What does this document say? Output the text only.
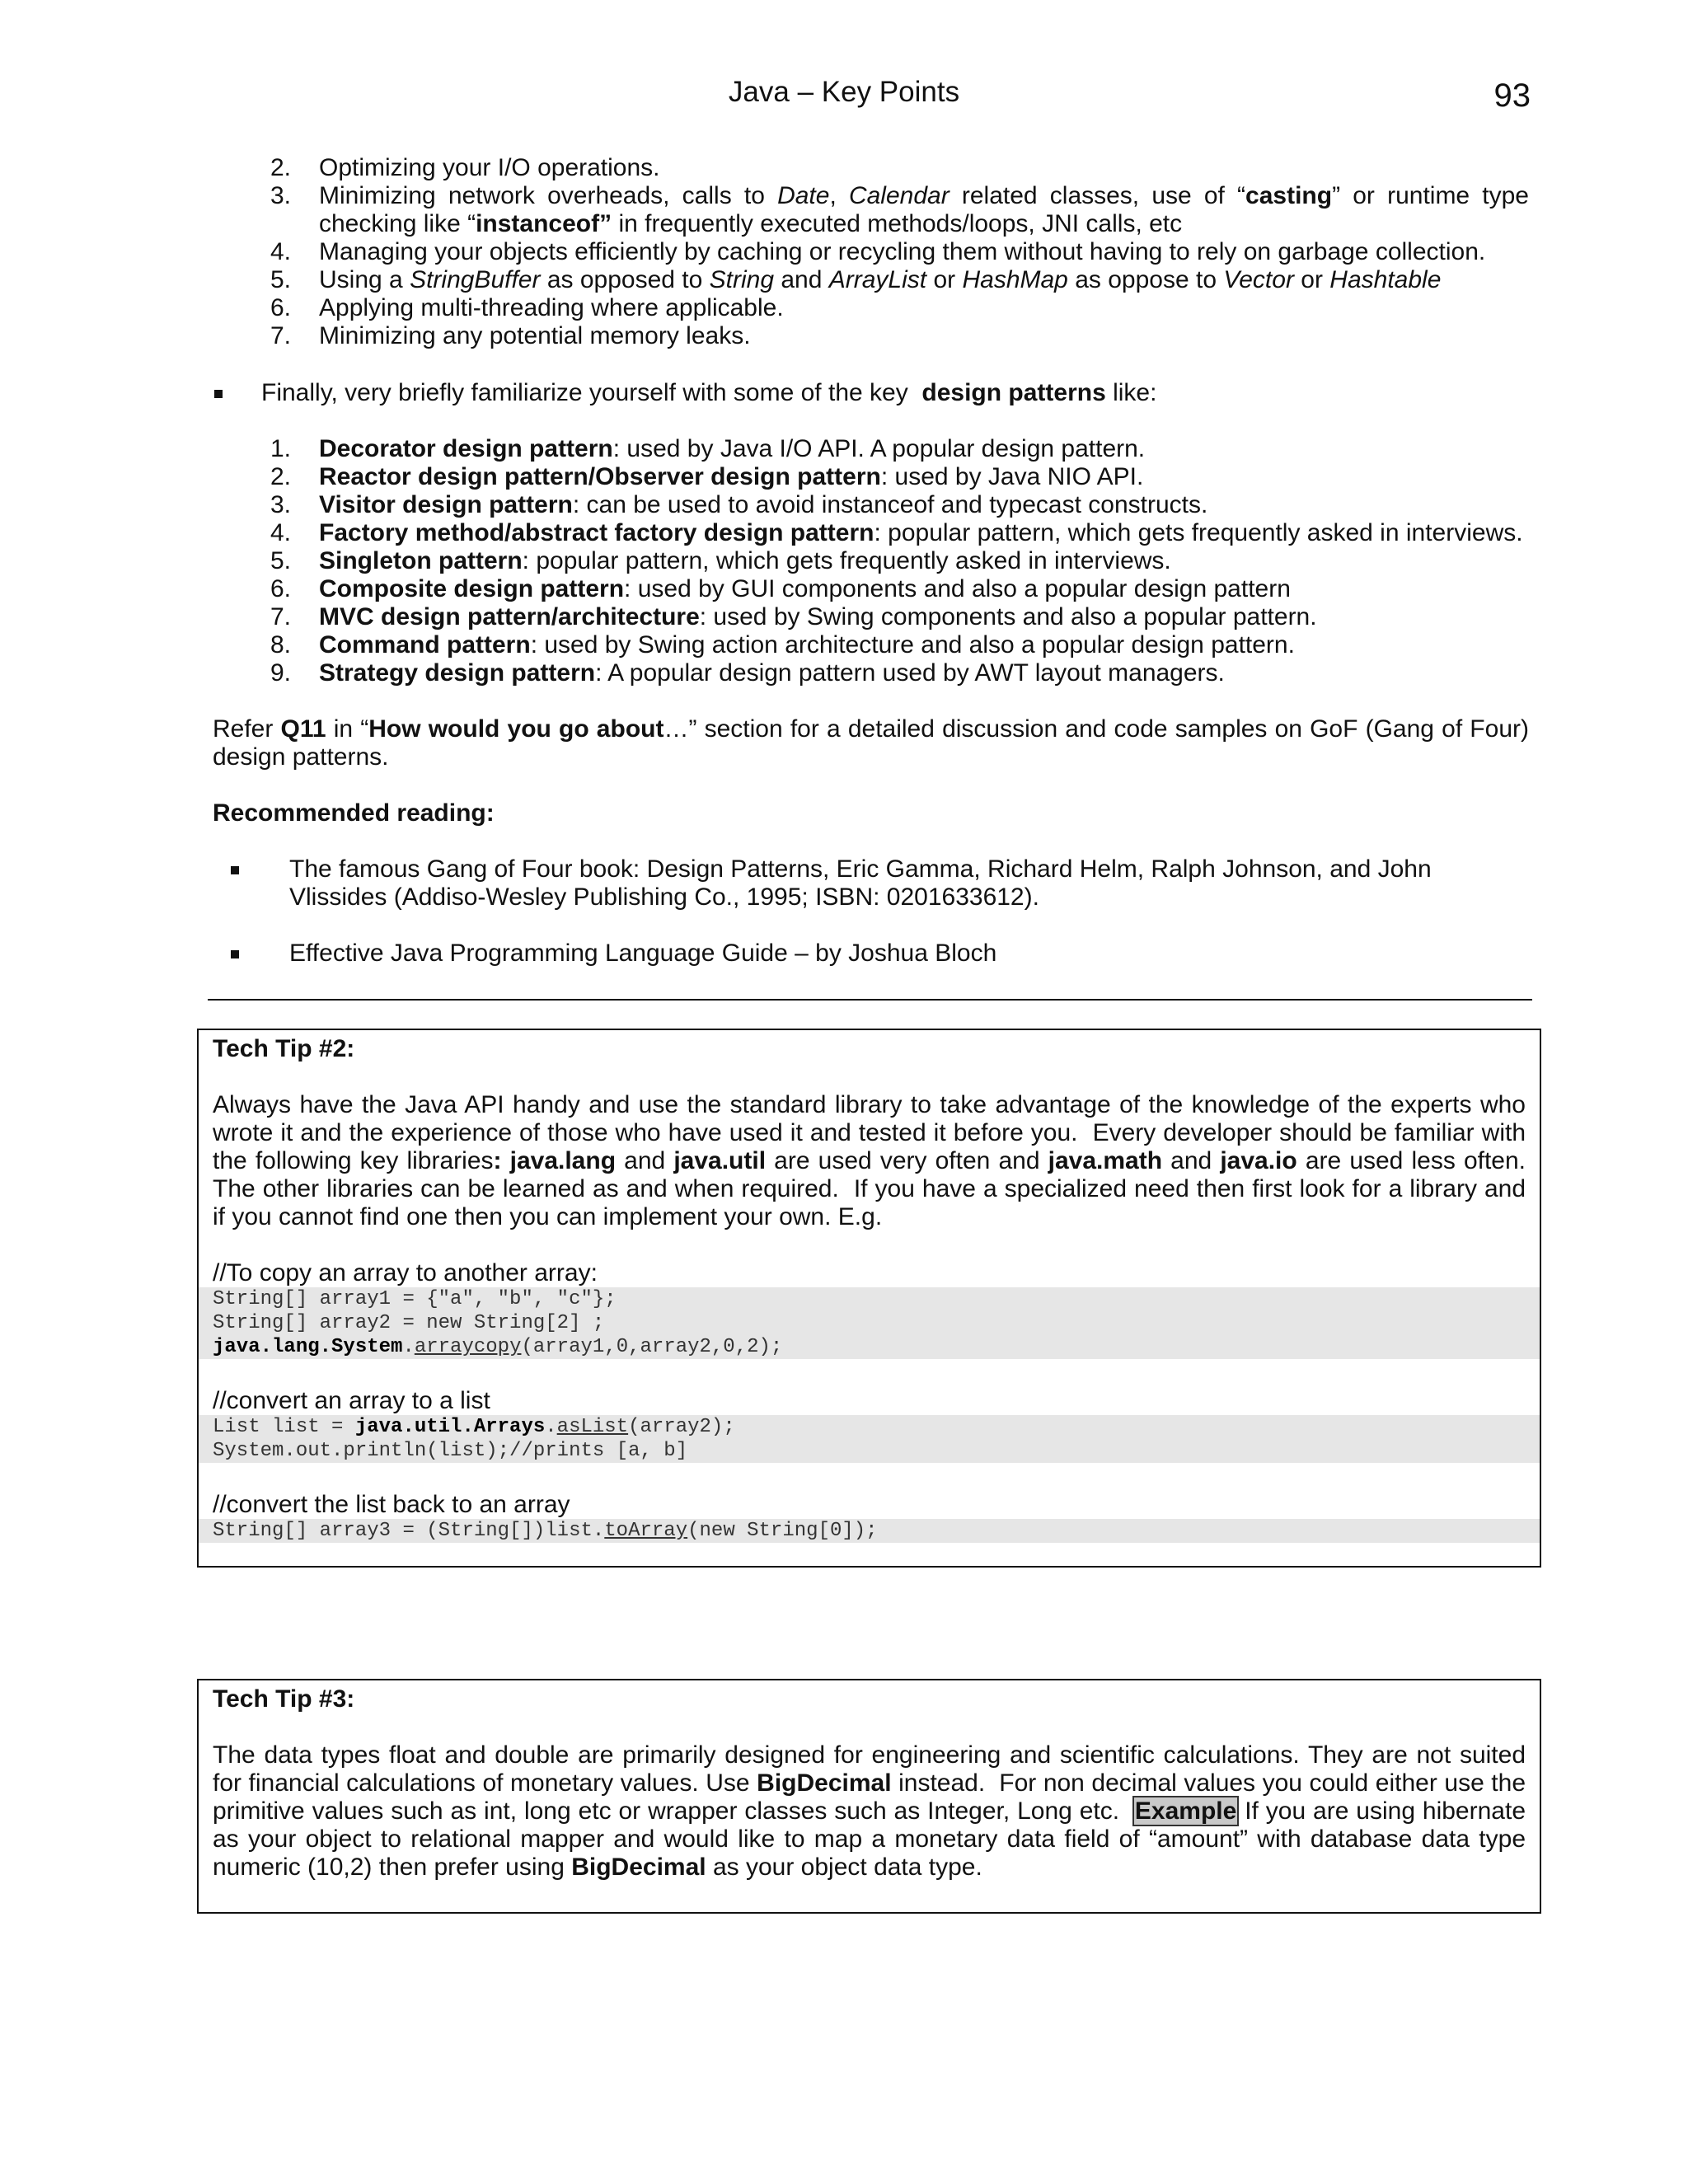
Java – Key Points	93
2. Optimizing your I/O operations.
3. Minimizing network overheads, calls to Date, Calendar related classes, use of “casting” or runtime type checking like “instanceof” in frequently executed methods/loops, JNI calls, etc
4. Managing your objects efficiently by caching or recycling them without having to rely on garbage collection.
5. Using a StringBuffer as opposed to String and ArrayList or HashMap as oppose to Vector or Hashtable
6. Applying multi-threading where applicable.
7. Minimizing any potential memory leaks.
Finally, very briefly familiarize yourself with some of the key  design patterns like:
1. Decorator design pattern: used by Java I/O API. A popular design pattern.
2. Reactor design pattern/Observer design pattern: used by Java NIO API.
3. Visitor design pattern: can be used to avoid instanceof and typecast constructs.
4. Factory method/abstract factory design pattern: popular pattern, which gets frequently asked in interviews.
5. Singleton pattern: popular pattern, which gets frequently asked in interviews.
6. Composite design pattern: used by GUI components and also a popular design pattern
7. MVC design pattern/architecture: used by Swing components and also a popular pattern.
8. Command pattern: used by Swing action architecture and also a popular design pattern.
9. Strategy design pattern: A popular design pattern used by AWT layout managers.
Refer Q11 in “How would you go about…” section for a detailed discussion and code samples on GoF (Gang of Four) design patterns.
Recommended reading:
The famous Gang of Four book: Design Patterns, Eric Gamma, Richard Helm, Ralph Johnson, and John Vlissides (Addiso-Wesley Publishing Co., 1995; ISBN: 0201633612).
Effective Java Programming Language Guide – by Joshua Bloch
Tech Tip #2:
Always have the Java API handy and use the standard library to take advantage of the knowledge of the experts who wrote it and the experience of those who have used it and tested it before you.  Every developer should be familiar with the following key libraries: java.lang and java.util are used very often and java.math and java.io are used less often. The other libraries can be learned as and when required.  If you have a specialized need then first look for a library and if you cannot find one then you can implement your own. E.g.
//To copy an array to another array:
String[] array1 = {"a", "b", "c"};
String[] array2 = new String[2] ;
java.lang.System.arraycopy(array1,0,array2,0,2);
//convert an array to a list
List list = java.util.Arrays.asList(array2);
System.out.println(list);//prints [a, b]
//convert the list back to an array
String[] array3 = (String[])list.toArray(new String[0]);
Tech Tip #3:
The data types float and double are primarily designed for engineering and scientific calculations. They are not suited for financial calculations of monetary values. Use BigDecimal instead.  For non decimal values you could either use the primitive values such as int, long etc or wrapper classes such as Integer, Long etc.  Example If you are using hibernate as your object to relational mapper and would like to map a monetary data field of “amount” with database data type numeric (10,2) then prefer using BigDecimal as your object data type.
